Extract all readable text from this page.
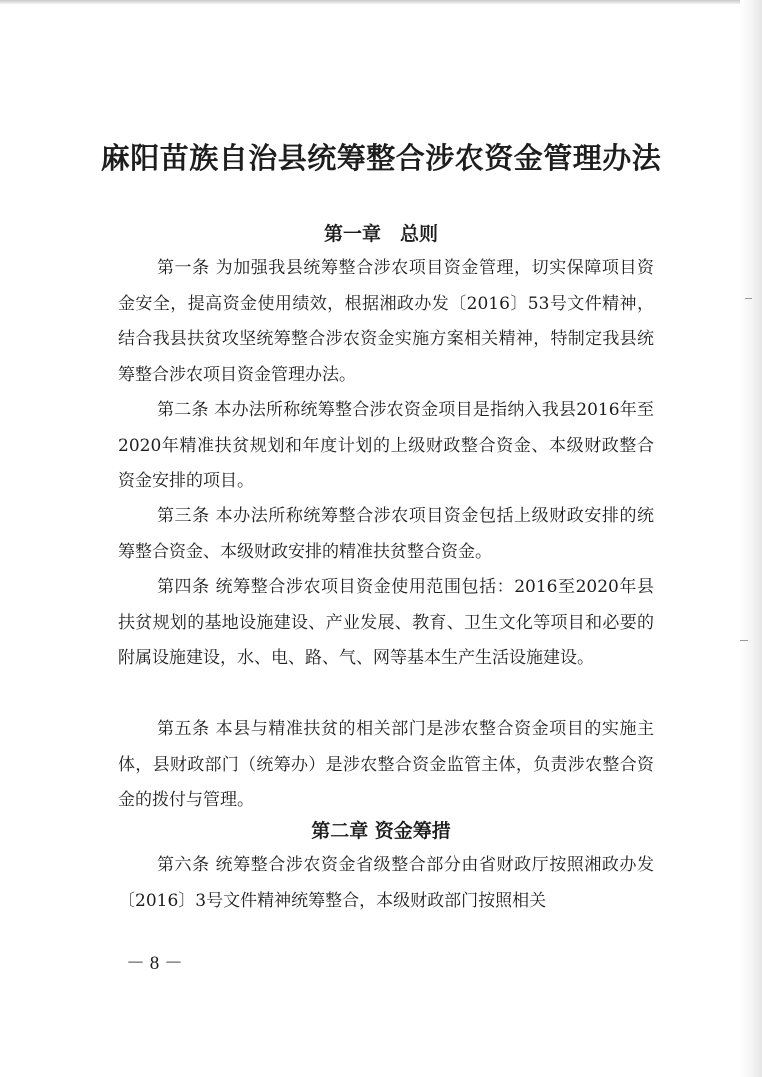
麻阳苗族自治县统筹整合涉农资金管理办法
第一章　总则

第一条 为加强我县统筹整合涉农项目资金管理，切实保障项目资金安全，提高资金使用绩效，根据湘政办发〔2016〕53号文件精神，结合我县扶贫攻坚统筹整合涉农资金实施方案相关精神，特制定我县统筹整合涉农项目资金管理办法。

第二条 本办法所称统筹整合涉农资金项目是指纳入我县2016年至2020年精准扶贫规划和年度计划的上级财政整合资金、本级财政整合资金安排的项目。

第三条 本办法所称统筹整合涉农项目资金包括上级财政安排的统筹整合资金、本级财政安排的精准扶贫整合资金。

第四条 统筹整合涉农项目资金使用范围包括：2016至2020年县扶贫规划的基地设施建设、产业发展、教育、卫生文化等项目和必要的附属设施建设，水、电、路、气、网等基本生产生活设施建设。

第五条 本县与精准扶贫的相关部门是涉农整合资金项目的实施主体，县财政部门（统筹办）是涉农整合资金监管主体，负责涉农整合资金的拨付与管理。

第二章 资金筹措

第六条 统筹整合涉农资金省级整合部分由省财政厅按照湘政办发〔2016〕3号文件精神统筹整合，本级财政部门按照相关

－ 8 －
